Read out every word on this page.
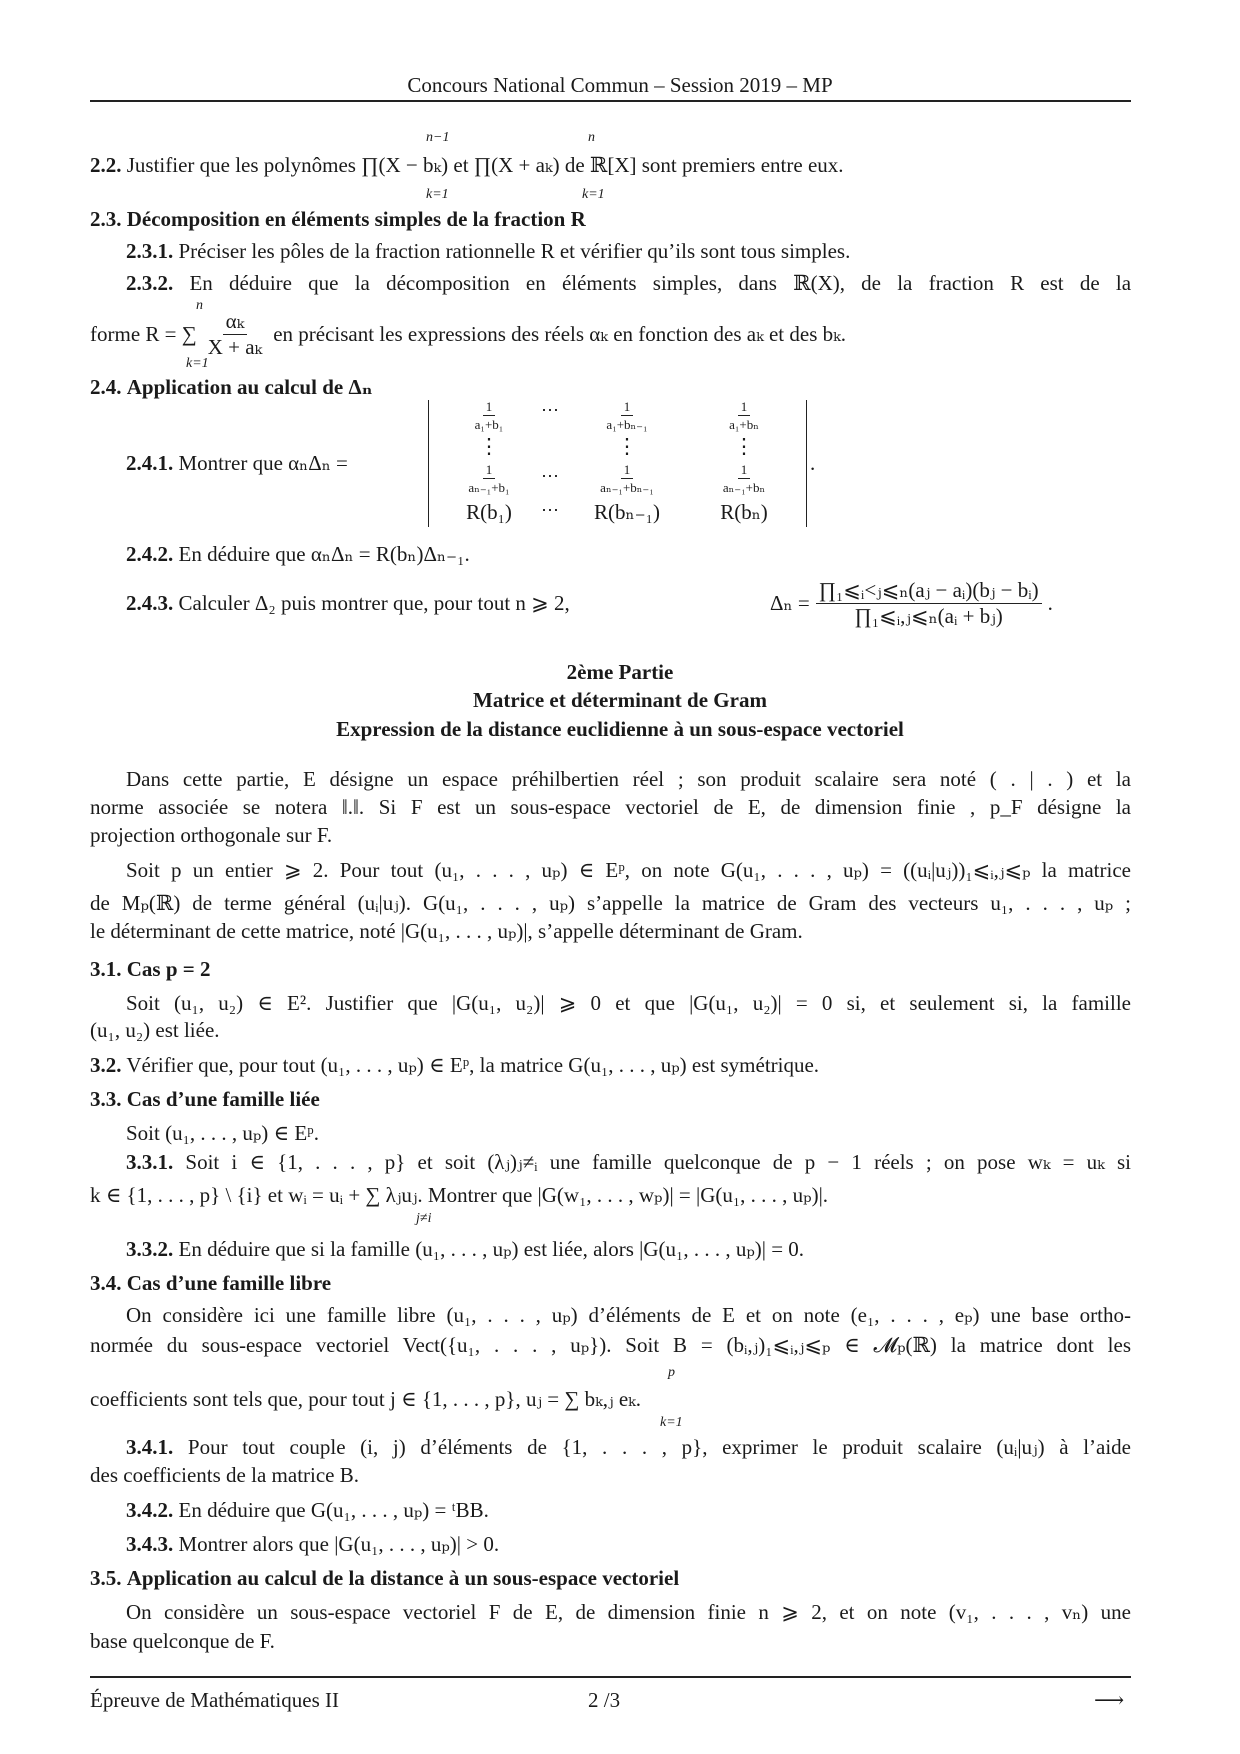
Concours National Commun – Session 2019 – MP
n−1
k=1
n
k=1
2.2. Justifier que les polynômes ∏(X − bₖ) et ∏(X + aₖ) de ℝ[X] sont premiers entre eux.
2.3. Décomposition en éléments simples de la fraction R
2.3.1. Préciser les pôles de la fraction rationnelle R et vérifier qu’ils sont tous simples.
2.3.2. En déduire que la décomposition en éléments simples, dans ℝ(X), de la fraction R est de la
n
forme R = ∑ $\frac{\text{αₖ}}{\text{X + aₖ}}$ en précisant les expressions des réels αₖ en fonction des aₖ et des bₖ.
k=1
2.4. Application au calcul de Δₙ
2.4.1. Montrer que αₙΔₙ =
$\frac{1}{\text{a₁+b₁}}$ ⋯	$\frac{1}{\text{a₁+bₙ₋₁}}$	$\frac{1}{\text{a₁+bₙ}}$
⋮	⋮	⋮
$\frac{1}{\text{aₙ₋₁+b₁}}$ ⋯	$\frac{1}{\text{aₙ₋₁+bₙ₋₁}}$	$\frac{1}{\text{aₙ₋₁+bₙ}}$
R(b₁)	⋯	R(bₙ₋₁)	R(bₙ)
.
2.4.2. En déduire que αₙΔₙ = R(bₙ)Δₙ₋₁.
2.4.3. Calculer Δ₂ puis montrer que, pour tout n ⩾ 2,	$\Delta_n = \frac{\text{∏₁⩽ᵢ<ⱼ⩽ₙ(aⱼ − aᵢ)(bⱼ − bᵢ)}}{\text{∏₁⩽ᵢ,ⱼ⩽ₙ(aᵢ + bⱼ)}}$ .
2ème Partie
Matrice et déterminant de Gram
Expression de la distance euclidienne à un sous-espace vectoriel
Dans cette partie, E désigne un espace préhilbertien réel ; son produit scalaire sera noté ( . | . ) et la
norme associée se notera ‖.‖. Si F est un sous-espace vectoriel de E, de dimension finie , p_F désigne la
projection orthogonale sur F.
Soit p un entier ⩾ 2. Pour tout (u₁, . . . , uₚ) ∈ Eᵖ, on note G(u₁, . . . , uₚ) = ((uᵢ|uⱼ))₁⩽ᵢ,ⱼ⩽ₚ la matrice
de Mₚ(ℝ) de terme général (uᵢ|uⱼ). G(u₁, . . . , uₚ) s’appelle la matrice de Gram des vecteurs u₁, . . . , uₚ ;
le déterminant de cette matrice, noté |G(u₁, . . . , uₚ)|, s’appelle déterminant de Gram.
3.1. Cas p = 2
Soit (u₁, u₂) ∈ E². Justifier que |G(u₁, u₂)| ⩾ 0 et que |G(u₁, u₂)| = 0 si, et seulement si, la famille
(u₁, u₂) est liée.
3.2. Vérifier que, pour tout (u₁, . . . , uₚ) ∈ Eᵖ, la matrice G(u₁, . . . , uₚ) est symétrique.
3.3. Cas d’une famille liée
Soit (u₁, . . . , uₚ) ∈ Eᵖ.
3.3.1. Soit i ∈ {1, . . . , p} et soit (λⱼ)ⱼ≠ᵢ une famille quelconque de p − 1 réels ; on pose wₖ = uₖ si
k ∈ {1, . . . , p} \ {i} et wᵢ = uᵢ + ∑ λⱼuⱼ. Montrer que |G(w₁, . . . , wₚ)| = |G(u₁, . . . , uₚ)|.
j≠i
3.3.2. En déduire que si la famille (u₁, . . . , uₚ) est liée, alors |G(u₁, . . . , uₚ)| = 0.
3.4. Cas d’une famille libre
On considère ici une famille libre (u₁, . . . , uₚ) d’éléments de E et on note (e₁, . . . , eₚ) une base ortho-
normée du sous-espace vectoriel Vect({u₁, . . . , uₚ}). Soit B = (bᵢ,ⱼ)₁⩽ᵢ,ⱼ⩽ₚ ∈ 𝓜ₚ(ℝ) la matrice dont les
p
coefficients sont tels que, pour tout j ∈ {1, . . . , p}, uⱼ = ∑ bₖ,ⱼ eₖ.
k=1
3.4.1. Pour tout couple (i, j) d’éléments de {1, . . . , p}, exprimer le produit scalaire (uᵢ|uⱼ) à l’aide
des coefficients de la matrice B.
3.4.2. En déduire que G(u₁, . . . , uₚ) = ᵗBB.
3.4.3. Montrer alors que |G(u₁, . . . , uₚ)| > 0.
3.5. Application au calcul de la distance à un sous-espace vectoriel
On considère un sous-espace vectoriel F de E, de dimension finie n ⩾ 2, et on note (v₁, . . . , vₙ) une
base quelconque de F.
Épreuve de Mathématiques II	2 /3	⟶
